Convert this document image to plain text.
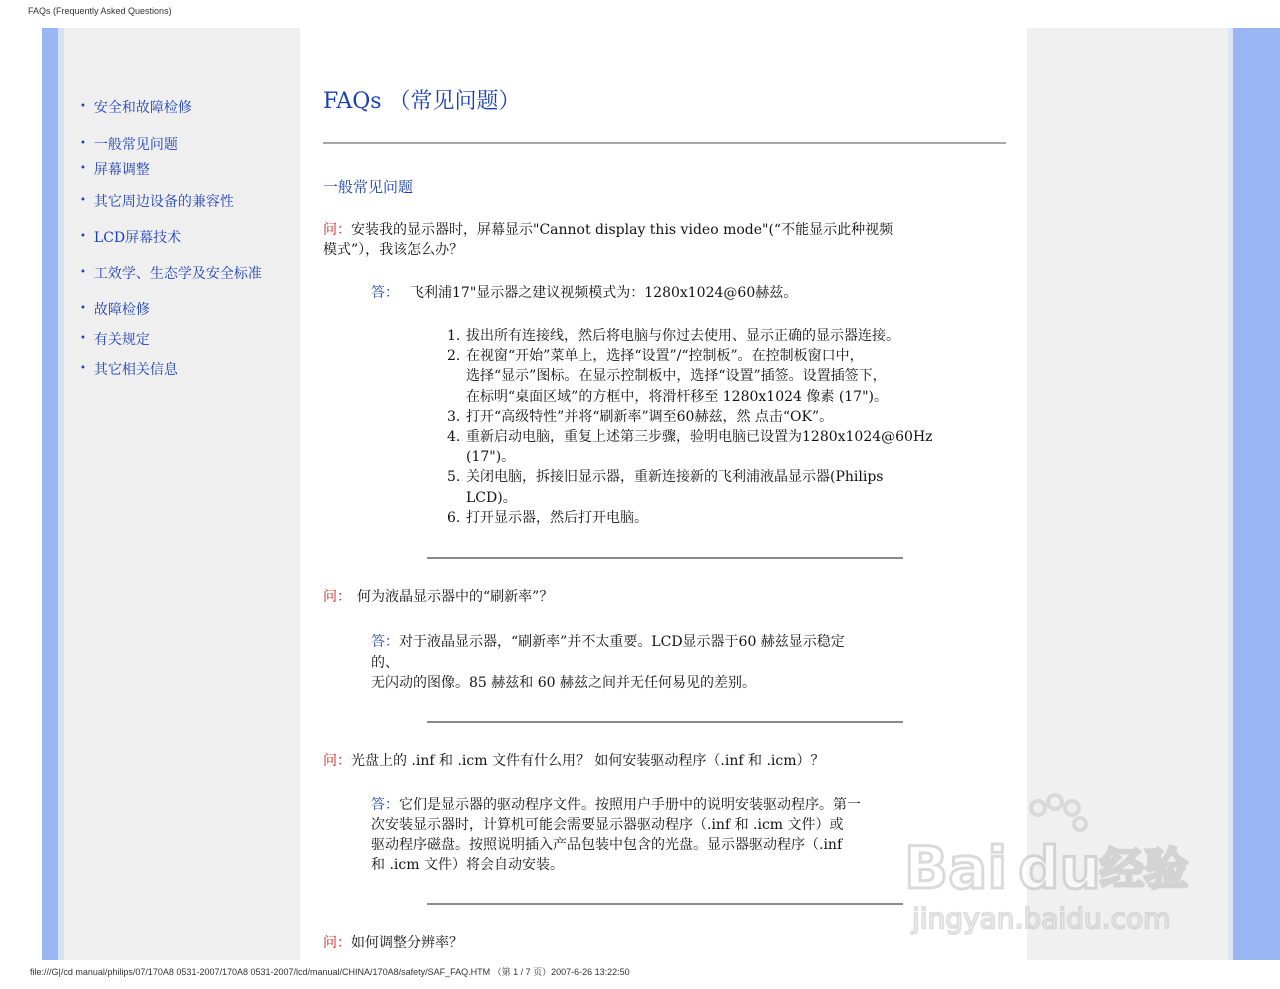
FAQs (Frequently Asked Questions)
• 安全和故障检修
• 一般常见问题
• 屏幕调整
• 其它周边设备的兼容性
• LCD屏幕技术
• 工效学、生态学及安全标准
• 故障检修
• 有关规定
• 其它相关信息
FAQs （常见问题）
一般常见问题
问：安装我的显示器时，屏幕显示"Cannot display this video mode"(“不能显示此种视频
模式”），我该怎么办？
答： 飞利浦17"显示器之建议视频模式为：1280x1024@60赫兹。
1. 拔出所有连接线，然后将电脑与你过去使用、显示正确的显示器连接。
2. 在视窗“开始”菜单上，选择“设置”/“控制板”。在控制板窗口中，
选择“显示”图标。在显示控制板中，选择“设置”插签。设置插签下，
在标明“桌面区域”的方框中，将滑杆移至 1280x1024 像素 (17")。
3. 打开“高级特性”并将“刷新率”调至60赫兹，然 点击“OK”。
4. 重新启动电脑，重复上述第三步骤，验明电脑已设置为1280x1024@60Hz
(17")。
5. 关闭电脑，拆接旧显示器，重新连接新的飞利浦液晶显示器(Philips
LCD)。
6. 打开显示器，然后打开电脑。
问： 何为液晶显示器中的“刷新率”？
答：对于液晶显示器，“刷新率”并不太重要。LCD显示器于60 赫兹显示稳定
的、
无闪动的图像。85 赫兹和 60 赫兹之间并无任何易见的差别。
问：光盘上的 .inf 和 .icm 文件有什么用？ 如何安装驱动程序（.inf 和 .icm）？
答：它们是显示器的驱动程序文件。按照用户手册中的说明安装驱动程序。第一
次安装显示器时，计算机可能会需要显示器驱动程序（.inf 和 .icm 文件）或
驱动程序磁盘。按照说明插入产品包装中包含的光盘。显示器驱动程序（.inf
和 .icm 文件）将会自动安装。
问：如何调整分辨率？
Bai du 经验
jingyan.baidu.com
file:///G|/cd manual/philips/07/170A8 0531-2007/170A8 0531-2007/lcd/manual/CHINA/170A8/safety/SAF_FAQ.HTM （第 1 / 7 页）2007-6-26 13:22:50
